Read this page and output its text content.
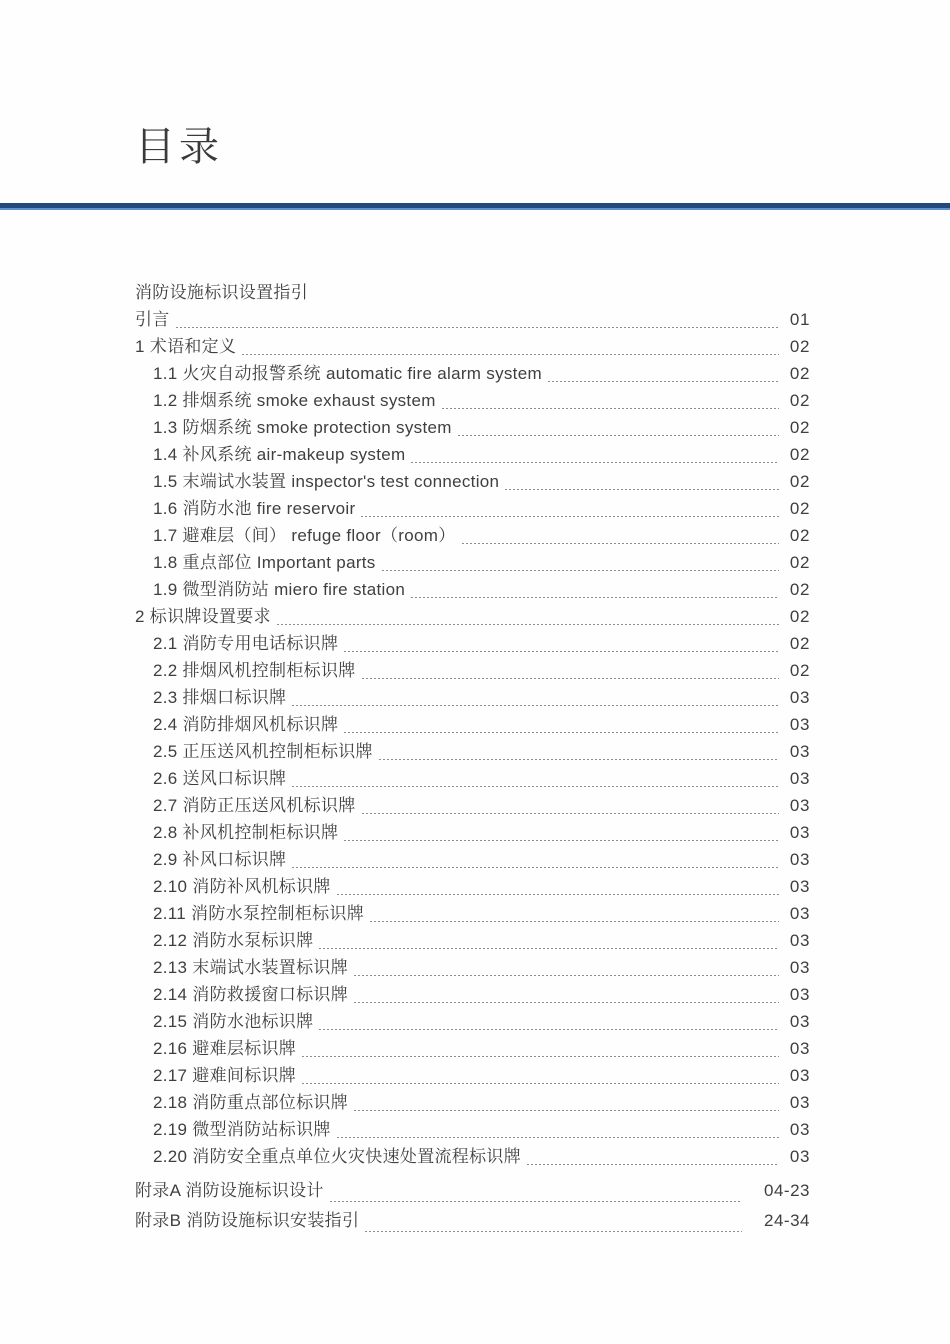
目录
消防设施标识设置指引
引言	01
1 术语和定义	02
1.1 火灾自动报警系统 automatic fire alarm system	02
1.2 排烟系统 smoke exhaust system	02
1.3 防烟系统 smoke protection system	02
1.4 补风系统 air-makeup system	02
1.5 末端试水装置 inspector's test connection	02
1.6 消防水池 fire reservoir	02
1.7 避难层（间） refuge floor（room）	02
1.8 重点部位 Important parts	02
1.9 微型消防站 miero fire station	02
2 标识牌设置要求	02
2.1 消防专用电话标识牌	02
2.2 排烟风机控制柜标识牌	02
2.3 排烟口标识牌	03
2.4 消防排烟风机标识牌	03
2.5 正压送风机控制柜标识牌	03
2.6 送风口标识牌	03
2.7 消防正压送风机标识牌	03
2.8 补风机控制柜标识牌	03
2.9 补风口标识牌	03
2.10 消防补风机标识牌	03
2.11 消防水泵控制柜标识牌	03
2.12 消防水泵标识牌	03
2.13 末端试水装置标识牌	03
2.14 消防救援窗口标识牌	03
2.15 消防水池标识牌	03
2.16 避难层标识牌	03
2.17 避难间标识牌	03
2.18 消防重点部位标识牌	03
2.19 微型消防站标识牌	03
2.20 消防安全重点单位火灾快速处置流程标识牌	03
附录A 消防设施标识设计	04-23
附录B 消防设施标识安装指引	24-34
